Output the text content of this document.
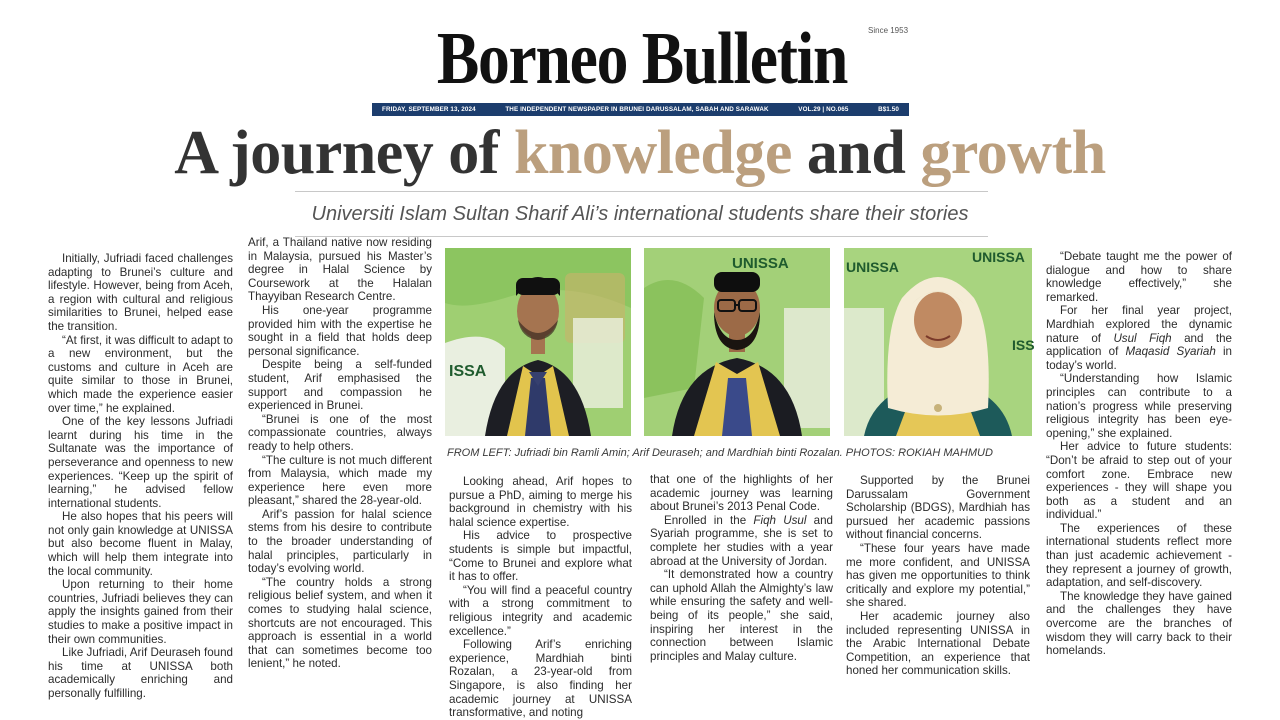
Borneo Bulletin	Since 1953
FRIDAY, SEPTEMBER 13, 2024	THE INDEPENDENT NEWSPAPER IN BRUNEI DARUSSALAM, SABAH AND SARAWAK	VOL.29 | NO.065	B$1.50
A journey of knowledge and growth
Universiti Islam Sultan Sharif Ali’s international students share their stories

Initially, Jufriadi faced challenges adapting to Brunei’s culture and lifestyle. However, being from Aceh, a region with cultural and religious similarities to Brunei, helped ease the transition.

“At first, it was difficult to adapt to a new environment, but the customs and culture in Aceh are quite similar to those in Brunei, which made the experience easier over time,” he explained.

One of the key lessons Jufriadi learnt during his time in the Sultanate was the importance of perseverance and openness to new experiences. “Keep up the spirit of learning,” he advised fellow international students.

He also hopes that his peers will not only gain knowledge at UNISSA but also become fluent in Malay, which will help them integrate into the local community.

Upon returning to their home countries, Jufriadi believes they can apply the insights gained from their studies to make a positive impact in their own communities.

Like Jufriadi, Arif Deuraseh found his time at UNISSA both academically enriching and personally fulfilling.

Arif, a Thailand native now residing in Malaysia, pursued his Master’s degree in Halal Science by Coursework at the Halalan Thayyiban Research Centre.

His one-year programme provided him with the expertise he sought in a field that holds deep personal significance.

Despite being a self-funded student, Arif emphasised the support and compassion he experienced in Brunei.

“Brunei is one of the most compassionate countries, always ready to help others.

“The culture is not much different from Malaysia, which made my experience here even more pleasant,” shared the 28-year-old.

Arif’s passion for halal science stems from his desire to contribute to the broader understanding of halal principles, particularly in today’s evolving world.

“The country holds a strong religious belief system, and when it comes to studying halal science, shortcuts are not encouraged. This approach is essential in a world that can sometimes become too lenient,” he noted.

ISSA
UNISSA	UNISSA
UNISSA
ISS
FROM LEFT: Jufriadi bin Ramli Amin; Arif Deuraseh; and Mardhiah binti Rozalan. PHOTOS: ROKIAH MAHMUD

Looking ahead, Arif hopes to pursue a PhD, aiming to merge his background in chemistry with his halal science expertise.

His advice to prospective students is simple but impactful, “Come to Brunei and explore what it has to offer.

“You will find a peaceful country with a strong commitment to religious integrity and academic excellence.”

Following Arif’s enriching experience, Mardhiah binti Rozalan, a 23-year-old from Singapore, is also finding her academic journey at UNISSA transformative, and noting

that one of the highlights of her academic journey was learning about Brunei’s 2013 Penal Code.

Enrolled in the Fiqh Usul and Syariah programme, she is set to complete her studies with a year abroad at the University of Jordan.

“It demonstrated how a country can uphold Allah the Almighty’s law while ensuring the safety and well-being of its people,” she said, inspiring her interest in the connection between Islamic principles and Malay culture.

Supported by the Brunei Darussalam Government Scholarship (BDGS), Mardhiah has pursued her academic passions without financial concerns.

“These four years have made me more confident, and UNISSA has given me opportunities to think critically and explore my potential,” she shared.

Her academic journey also included representing UNISSA in the Arabic International Debate Competition, an experience that honed her communication skills.

“Debate taught me the power of dialogue and how to share knowledge effectively,” she remarked.

For her final year project, Mardhiah explored the dynamic nature of Usul Fiqh and the application of Maqasid Syariah in today’s world.

“Understanding how Islamic principles can contribute to a nation’s progress while preserving religious integrity has been eye-opening,” she explained.

Her advice to future students: “Don’t be afraid to step out of your comfort zone. Embrace new experiences - they will shape you both as a student and an individual.”

The experiences of these international students reflect more than just academic achievement - they represent a journey of growth, adaptation, and self-discovery.

The knowledge they have gained and the challenges they have overcome are the branches of wisdom they will carry back to their homelands.
